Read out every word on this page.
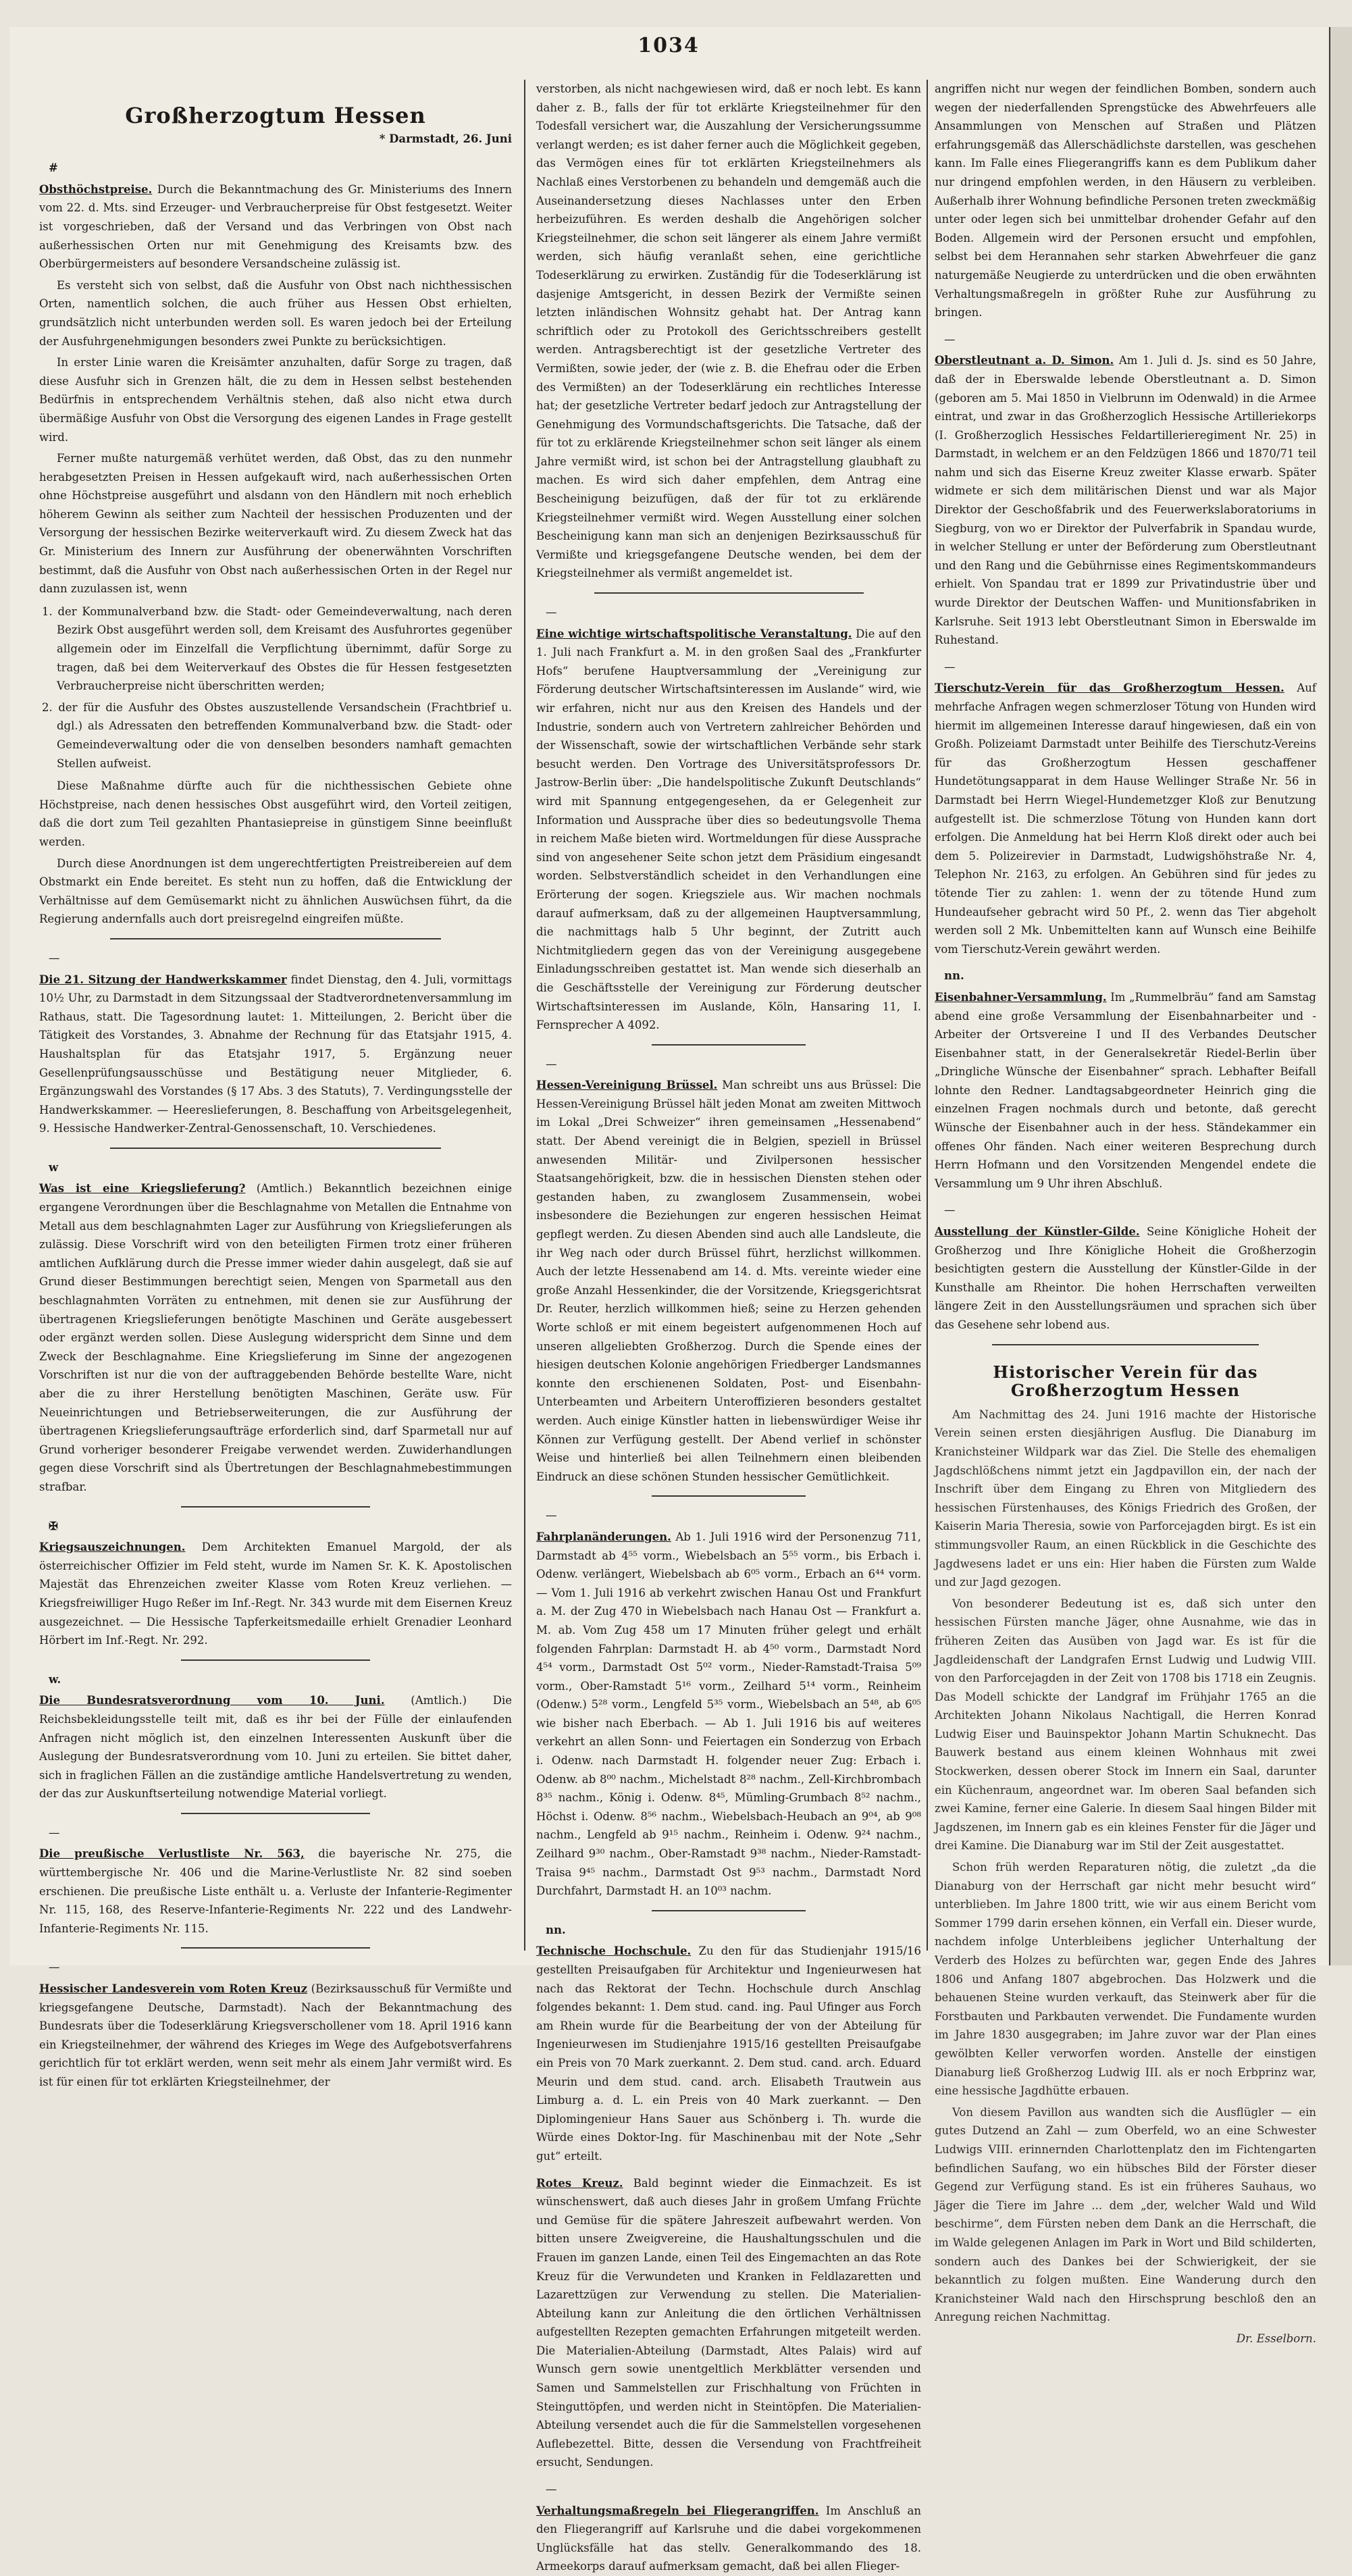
1034
Großherzogtum Hessen
* Darmstadt, 26. Juni

#

Obsthöchstpreise. Durch die Bekanntmachung des Gr. Ministeriums des Innern vom 22. d. Mts. sind Erzeuger- und Verbraucherpreise für Obst festgesetzt. Weiter ist vorgeschrieben, daß der Versand und das Verbringen von Obst nach außerhessischen Orten nur mit Genehmigung des Kreisamts bzw. des Oberbürgermeisters auf besondere Versandscheine zulässig ist.

Es versteht sich von selbst, daß die Ausfuhr von Obst nach nichthessischen Orten, namentlich solchen, die auch früher aus Hessen Obst erhielten, grundsätzlich nicht unterbunden werden soll. Es waren jedoch bei der Erteilung der Ausfuhrgenehmigungen besonders zwei Punkte zu berücksichtigen.

In erster Linie waren die Kreisämter anzuhalten, dafür Sorge zu tragen, daß diese Ausfuhr sich in Grenzen hält, die zu dem in Hessen selbst bestehenden Bedürfnis in entsprechendem Verhältnis stehen, daß also nicht etwa durch übermäßige Ausfuhr von Obst die Versorgung des eigenen Landes in Frage gestellt wird.

Ferner mußte naturgemäß verhütet werden, daß Obst, das zu den nunmehr herabgesetzten Preisen in Hessen aufgekauft wird, nach außerhessischen Orten ohne Höchstpreise ausgeführt und alsdann von den Händlern mit noch erheblich höherem Gewinn als seither zum Nachteil der hessischen Produzenten und der Versorgung der hessischen Bezirke weiterverkauft wird. Zu diesem Zweck hat das Gr. Ministerium des Innern zur Ausführung der obenerwähnten Vorschriften bestimmt, daß die Ausfuhr von Obst nach außerhessischen Orten in der Regel nur dann zuzulassen ist, wenn

1. der Kommunalverband bzw. die Stadt- oder Gemeindeverwaltung, nach deren Bezirk Obst ausgeführt werden soll, dem Kreisamt des Ausfuhrortes gegenüber allgemein oder im Einzelfall die Verpflichtung übernimmt, dafür Sorge zu tragen, daß bei dem Weiterverkauf des Obstes die für Hessen festgesetzten Verbraucherpreise nicht überschritten werden;
2. der für die Ausfuhr des Obstes auszustellende Versandschein (Frachtbrief u. dgl.) als Adressaten den betreffenden Kommunalverband bzw. die Stadt- oder Gemeindeverwaltung oder die von denselben besonders namhaft gemachten Stellen aufweist.

Diese Maßnahme dürfte auch für die nichthessischen Gebiete ohne Höchstpreise, nach denen hessisches Obst ausgeführt wird, den Vorteil zeitigen, daß die dort zum Teil gezahlten Phantasiepreise in günstigem Sinne beeinflußt werden.

Durch diese Anordnungen ist dem ungerechtfertigten Preistreibereien auf dem Obstmarkt ein Ende bereitet. Es steht nun zu hoffen, daß die Entwicklung der Verhältnisse auf dem Gemüsemarkt nicht zu ähnlichen Auswüchsen führt, da die Regierung andernfalls auch dort preisregelnd eingreifen müßte.

—

Die 21. Sitzung der Handwerkskammer findet Dienstag, den 4. Juli, vormittags 10½ Uhr, zu Darmstadt in dem Sitzungssaal der Stadtverordnetenversammlung im Rathaus, statt. Die Tagesordnung lautet: 1. Mitteilungen, 2. Bericht über die Tätigkeit des Vorstandes, 3. Abnahme der Rechnung für das Etatsjahr 1915, 4. Haushaltsplan für das Etatsjahr 1917, 5. Ergänzung neuer Gesellenprüfungsausschüsse und Bestätigung neuer Mitglieder, 6. Ergänzungswahl des Vorstandes (§ 17 Abs. 3 des Statuts), 7. Verdingungsstelle der Handwerkskammer. — Heereslieferungen, 8. Beschaffung von Arbeitsgelegenheit, 9. Hessische Handwerker-Zentral-Genossenschaft, 10. Verschiedenes.

w

Was ist eine Kriegslieferung? (Amtlich.) Bekanntlich bezeichnen einige ergangene Verordnungen über die Beschlagnahme von Metallen die Entnahme von Metall aus dem beschlagnahmten Lager zur Ausführung von Kriegslieferungen als zulässig. Diese Vorschrift wird von den beteiligten Firmen trotz einer früheren amtlichen Aufklärung durch die Presse immer wieder dahin ausgelegt, daß sie auf Grund dieser Bestimmungen berechtigt seien, Mengen von Sparmetall aus den beschlagnahmten Vorräten zu entnehmen, mit denen sie zur Ausführung der übertragenen Kriegslieferungen benötigte Maschinen und Geräte ausgebessert oder ergänzt werden sollen. Diese Auslegung widerspricht dem Sinne und dem Zweck der Beschlagnahme. Eine Kriegslieferung im Sinne der angezogenen Vorschriften ist nur die von der auftraggebenden Behörde bestellte Ware, nicht aber die zu ihrer Herstellung benötigten Maschinen, Geräte usw. Für Neueinrichtungen und Betriebserweiterungen, die zur Ausführung der übertragenen Kriegslieferungsaufträge erforderlich sind, darf Sparmetall nur auf Grund vorheriger besonderer Freigabe verwendet werden. Zuwiderhandlungen gegen diese Vorschrift sind als Übertretungen der Beschlagnahmebestimmungen strafbar.

✠

Kriegsauszeichnungen. Dem Architekten Emanuel Margold, der als österreichischer Offizier im Feld steht, wurde im Namen Sr. K. K. Apostolischen Majestät das Ehrenzeichen zweiter Klasse vom Roten Kreuz verliehen. — Kriegsfreiwilliger Hugo Reßer im Inf.-Regt. Nr. 343 wurde mit dem Eisernen Kreuz ausgezeichnet. — Die Hessische Tapferkeitsmedaille erhielt Grenadier Leonhard Hörbert im Inf.-Regt. Nr. 292.

w.

Die Bundesratsverordnung vom 10. Juni. (Amtlich.) Die Reichsbekleidungsstelle teilt mit, daß es ihr bei der Fülle der einlaufenden Anfragen nicht möglich ist, den einzelnen Interessenten Auskunft über die Auslegung der Bundesratsverordnung vom 10. Juni zu erteilen. Sie bittet daher, sich in fraglichen Fällen an die zuständige amtliche Handelsvertretung zu wenden, der das zur Auskunftserteilung notwendige Material vorliegt.

—

Die preußische Verlustliste Nr. 563, die bayerische Nr. 275, die württembergische Nr. 406 und die Marine-Verlustliste Nr. 82 sind soeben erschienen. Die preußische Liste enthält u. a. Verluste der Infanterie-Regimenter Nr. 115, 168, des Reserve-Infanterie-Regiments Nr. 222 und des Landwehr-Infanterie-Regiments Nr. 115.

—

Hessischer Landesverein vom Roten Kreuz (Bezirksausschuß für Vermißte und kriegsgefangene Deutsche, Darmstadt). Nach der Bekanntmachung des Bundesrats über die Todeserklärung Kriegsverschollener vom 18. April 1916 kann ein Kriegsteilnehmer, der während des Krieges im Wege des Aufgebotsverfahrens gerichtlich für tot erklärt werden, wenn seit mehr als einem Jahr vermißt wird. Es ist für einen für tot erklärten Kriegsteilnehmer, der

verstorben, als nicht nachgewiesen wird, daß er noch lebt. Es kann daher z. B., falls der für tot erklärte Kriegsteilnehmer für den Todesfall versichert war, die Auszahlung der Versicherungssumme verlangt werden; es ist daher ferner auch die Möglichkeit gegeben, das Vermögen eines für tot erklärten Kriegsteilnehmers als Nachlaß eines Verstorbenen zu behandeln und demgemäß auch die Auseinandersetzung dieses Nachlasses unter den Erben herbeizuführen. Es werden deshalb die Angehörigen solcher Kriegsteilnehmer, die schon seit längerer als einem Jahre vermißt werden, sich häufig veranlaßt sehen, eine gerichtliche Todeserklärung zu erwirken. Zuständig für die Todeserklärung ist dasjenige Amtsgericht, in dessen Bezirk der Vermißte seinen letzten inländischen Wohnsitz gehabt hat. Der Antrag kann schriftlich oder zu Protokoll des Gerichtsschreibers gestellt werden. Antragsberechtigt ist der gesetzliche Vertreter des Vermißten, sowie jeder, der (wie z. B. die Ehefrau oder die Erben des Vermißten) an der Todeserklärung ein rechtliches Interesse hat; der gesetzliche Vertreter bedarf jedoch zur Antragstellung der Genehmigung des Vormundschaftsgerichts. Die Tatsache, daß der für tot zu erklärende Kriegsteilnehmer schon seit länger als einem Jahre vermißt wird, ist schon bei der Antragstellung glaubhaft zu machen. Es wird sich daher empfehlen, dem Antrag eine Bescheinigung beizufügen, daß der für tot zu erklärende Kriegsteilnehmer vermißt wird. Wegen Ausstellung einer solchen Bescheinigung kann man sich an denjenigen Bezirksausschuß für Vermißte und kriegsgefangene Deutsche wenden, bei dem der Kriegsteilnehmer als vermißt angemeldet ist.

—

Eine wichtige wirtschaftspolitische Veranstaltung. Die auf den 1. Juli nach Frankfurt a. M. in den großen Saal des „Frankfurter Hofs“ berufene Hauptversammlung der „Vereinigung zur Förderung deutscher Wirtschaftsinteressen im Auslande“ wird, wie wir erfahren, nicht nur aus den Kreisen des Handels und der Industrie, sondern auch von Vertretern zahlreicher Behörden und der Wissenschaft, sowie der wirtschaftlichen Verbände sehr stark besucht werden. Den Vortrage des Universitätsprofessors Dr. Jastrow-Berlin über: „Die handelspolitische Zukunft Deutschlands“ wird mit Spannung entgegengesehen, da er Gelegenheit zur Information und Aussprache über dies so bedeutungsvolle Thema in reichem Maße bieten wird. Wortmeldungen für diese Aussprache sind von angesehener Seite schon jetzt dem Präsidium eingesandt worden. Selbstverständlich scheidet in den Verhandlungen eine Erörterung der sogen. Kriegsziele aus. Wir machen nochmals darauf aufmerksam, daß zu der allgemeinen Hauptversammlung, die nachmittags halb 5 Uhr beginnt, der Zutritt auch Nichtmitgliedern gegen das von der Vereinigung ausgegebene Einladungsschreiben gestattet ist. Man wende sich dieserhalb an die Geschäftsstelle der Vereinigung zur Förderung deutscher Wirtschaftsinteressen im Auslande, Köln, Hansaring 11, I. Fernsprecher A 4092.

—

Hessen-Vereinigung Brüssel. Man schreibt uns aus Brüssel: Die Hessen-Vereinigung Brüssel hält jeden Monat am zweiten Mittwoch im Lokal „Drei Schweizer“ ihren gemeinsamen „Hessenabend“ statt. Der Abend vereinigt die in Belgien, speziell in Brüssel anwesenden Militär- und Zivilpersonen hessischer Staatsangehörigkeit, bzw. die in hessischen Diensten stehen oder gestanden haben, zu zwanglosem Zusammensein, wobei insbesondere die Beziehungen zur engeren hessischen Heimat gepflegt werden. Zu diesen Abenden sind auch alle Landsleute, die ihr Weg nach oder durch Brüssel führt, herzlichst willkommen. Auch der letzte Hessenabend am 14. d. Mts. vereinte wieder eine große Anzahl Hessenkinder, die der Vorsitzende, Kriegsgerichtsrat Dr. Reuter, herzlich willkommen hieß; seine zu Herzen gehenden Worte schloß er mit einem begeistert aufgenommenen Hoch auf unseren allgeliebten Großherzog. Durch die Spende eines der hiesigen deutschen Kolonie angehörigen Friedberger Landsmannes konnte den erschienenen Soldaten, Post- und Eisenbahn-Unterbeamten und Arbeitern Unteroffizieren besonders gestaltet werden. Auch einige Künstler hatten in liebenswürdiger Weise ihr Können zur Verfügung gestellt. Der Abend verlief in schönster Weise und hinterließ bei allen Teilnehmern einen bleibenden Eindruck an diese schönen Stunden hessischer Gemütlichkeit.

—

Fahrplanänderungen. Ab 1. Juli 1916 wird der Personenzug 711, Darmstadt ab 4⁵⁵ vorm., Wiebelsbach an 5⁵⁵ vorm., bis Erbach i. Odenw. verlängert, Wiebelsbach ab 6⁰⁵ vorm., Erbach an 6⁴⁴ vorm. — Vom 1. Juli 1916 ab verkehrt zwischen Hanau Ost und Frankfurt a. M. der Zug 470 in Wiebelsbach nach Hanau Ost — Frankfurt a. M. ab. Vom Zug 458 um 17 Minuten früher gelegt und erhält folgenden Fahrplan: Darmstadt H. ab 4⁵⁰ vorm., Darmstadt Nord 4⁵⁴ vorm., Darmstadt Ost 5⁰² vorm., Nieder-Ramstadt-Traisa 5⁰⁹ vorm., Ober-Ramstadt 5¹⁶ vorm., Zeilhard 5¹⁴ vorm., Reinheim (Odenw.) 5²⁸ vorm., Lengfeld 5³⁵ vorm., Wiebelsbach an 5⁴⁸, ab 6⁰⁵ wie bisher nach Eberbach. — Ab 1. Juli 1916 bis auf weiteres verkehrt an allen Sonn- und Feiertagen ein Sonderzug von Erbach i. Odenw. nach Darmstadt H. folgender neuer Zug: Erbach i. Odenw. ab 8⁰⁰ nachm., Michelstadt 8²⁸ nachm., Zell-Kirchbrombach 8³⁵ nachm., König i. Odenw. 8⁴⁵, Mümling-Grumbach 8⁵² nachm., Höchst i. Odenw. 8⁵⁶ nachm., Wiebelsbach-Heubach an 9⁰⁴, ab 9⁰⁸ nachm., Lengfeld ab 9¹⁵ nachm., Reinheim i. Odenw. 9²⁴ nachm., Zeilhard 9³⁰ nachm., Ober-Ramstadt 9³⁸ nachm., Nieder-Ramstadt-Traisa 9⁴⁵ nachm., Darmstadt Ost 9⁵³ nachm., Darmstadt Nord Durchfahrt, Darmstadt H. an 10⁰³ nachm.

nn.

Technische Hochschule. Zu den für das Studienjahr 1915/16 gestellten Preisaufgaben für Architektur und Ingenieurwesen hat nach das Rektorat der Techn. Hochschule durch Anschlag folgendes bekannt: 1. Dem stud. cand. ing. Paul Ufinger aus Forch am Rhein wurde für die Bearbeitung der von der Abteilung für Ingenieurwesen im Studienjahre 1915/16 gestellten Preisaufgabe ein Preis von 70 Mark zuerkannt. 2. Dem stud. cand. arch. Eduard Meurin und dem stud. cand. arch. Elisabeth Trautwein aus Limburg a. d. L. ein Preis von 40 Mark zuerkannt. — Den Diplomingenieur Hans Sauer aus Schönberg i. Th. wurde die Würde eines Doktor-Ing. für Maschinenbau mit der Note „Sehr gut“ erteilt.

Rotes Kreuz. Bald beginnt wieder die Einmachzeit. Es ist wünschenswert, daß auch dieses Jahr in großem Umfang Früchte und Gemüse für die spätere Jahreszeit aufbewahrt werden. Von bitten unsere Zweigvereine, die Haushaltungsschulen und die Frauen im ganzen Lande, einen Teil des Eingemachten an das Rote Kreuz für die Verwundeten und Kranken in Feldlazaretten und Lazarettzügen zur Verwendung zu stellen. Die Materialien-Abteilung kann zur Anleitung die den örtlichen Verhältnissen aufgestellten Rezepten gemachten Erfahrungen mitgeteilt werden. Die Materialien-Abteilung (Darmstadt, Altes Palais) wird auf Wunsch gern sowie unentgeltlich Merkblätter versenden und Samen und Sammelstellen zur Frischhaltung von Früchten in Steinguttöpfen, und werden nicht in Steintöpfen. Die Materialien-Abteilung versendet auch die für die Sammelstellen vorgesehenen Auflebezettel. Bitte, dessen die Versendung von Frachtfreiheit ersucht, Sendungen.

—

Verhaltungsmaßregeln bei Fliegerangriffen. Im Anschluß an den Fliegerangriff auf Karlsruhe und die dabei vorgekommenen Unglücksfälle hat das stellv. Generalkommando des 18. Armeekorps darauf aufmerksam gemacht, daß bei allen Flieger-

angriffen nicht nur wegen der feindlichen Bomben, sondern auch wegen der niederfallenden Sprengstücke des Abwehrfeuers alle Ansammlungen von Menschen auf Straßen und Plätzen erfahrungsgemäß das Allerschädlichste darstellen, was geschehen kann. Im Falle eines Fliegerangriffs kann es dem Publikum daher nur dringend empfohlen werden, in den Häusern zu verbleiben. Außerhalb ihrer Wohnung befindliche Personen treten zweckmäßig unter oder legen sich bei unmittelbar drohender Gefahr auf den Boden. Allgemein wird der Personen ersucht und empfohlen, selbst bei dem Herannahen sehr starken Abwehrfeuer die ganz naturgemäße Neugierde zu unterdrücken und die oben erwähnten Verhaltungsmaßregeln in größter Ruhe zur Ausführung zu bringen.

—

Oberstleutnant a. D. Simon. Am 1. Juli d. Js. sind es 50 Jahre, daß der in Eberswalde lebende Oberstleutnant a. D. Simon (geboren am 5. Mai 1850 in Vielbrunn im Odenwald) in die Armee eintrat, und zwar in das Großherzoglich Hessische Artilleriekorps (I. Großherzoglich Hessisches Feldartillerieregiment Nr. 25) in Darmstadt, in welchem er an den Feldzügen 1866 und 1870/71 teil nahm und sich das Eiserne Kreuz zweiter Klasse erwarb. Später widmete er sich dem militärischen Dienst und war als Major Direktor der Geschoßfabrik und des Feuerwerkslaboratoriums in Siegburg, von wo er Direktor der Pulverfabrik in Spandau wurde, in welcher Stellung er unter der Beförderung zum Oberstleutnant und den Rang und die Gebührnisse eines Regimentskommandeurs erhielt. Von Spandau trat er 1899 zur Privatindustrie über und wurde Direktor der Deutschen Waffen- und Munitionsfabriken in Karlsruhe. Seit 1913 lebt Oberstleutnant Simon in Eberswalde im Ruhestand.

—

Tierschutz-Verein für das Großherzogtum Hessen. Auf mehrfache Anfragen wegen schmerzloser Tötung von Hunden wird hiermit im allgemeinen Interesse darauf hingewiesen, daß ein von Großh. Polizeiamt Darmstadt unter Beihilfe des Tierschutz-Vereins für das Großherzogtum Hessen geschaffener Hundetötungsapparat in dem Hause Wellinger Straße Nr. 56 in Darmstadt bei Herrn Wiegel-Hundemetzger Kloß zur Benutzung aufgestellt ist. Die schmerzlose Tötung von Hunden kann dort erfolgen. Die Anmeldung hat bei Herrn Kloß direkt oder auch bei dem 5. Polizeirevier in Darmstadt, Ludwigshöhstraße Nr. 4, Telephon Nr. 2163, zu erfolgen. An Gebühren sind für jedes zu tötende Tier zu zahlen: 1. wenn der zu tötende Hund zum Hundeaufseher gebracht wird 50 Pf., 2. wenn das Tier abgeholt werden soll 2 Mk. Unbemittelten kann auf Wunsch eine Beihilfe vom Tierschutz-Verein gewährt werden.

nn.

Eisenbahner-Versammlung. Im „Rummelbräu“ fand am Samstag abend eine große Versammlung der Eisenbahnarbeiter und -Arbeiter der Ortsvereine I und II des Verbandes Deutscher Eisenbahner statt, in der Generalsekretär Riedel-Berlin über „Dringliche Wünsche der Eisenbahner“ sprach. Lebhafter Beifall lohnte den Redner. Landtagsabgeordneter Heinrich ging die einzelnen Fragen nochmals durch und betonte, daß gerecht Wünsche der Eisenbahner auch in der hess. Ständekammer ein offenes Ohr fänden. Nach einer weiteren Besprechung durch Herrn Hofmann und den Vorsitzenden Mengendel endete die Versammlung um 9 Uhr ihren Abschluß.

—

Ausstellung der Künstler-Gilde. Seine Königliche Hoheit der Großherzog und Ihre Königliche Hoheit die Großherzogin besichtigten gestern die Ausstellung der Künstler-Gilde in der Kunsthalle am Rheintor. Die hohen Herrschaften verweilten längere Zeit in den Ausstellungsräumen und sprachen sich über das Gesehene sehr lobend aus.

Historischer Verein für das Großherzogtum Hessen

Am Nachmittag des 24. Juni 1916 machte der Historische Verein seinen ersten diesjährigen Ausflug. Die Dianaburg im Kranichsteiner Wildpark war das Ziel. Die Stelle des ehemaligen Jagdschlößchens nimmt jetzt ein Jagdpavillon ein, der nach der Inschrift über dem Eingang zu Ehren von Mitgliedern des hessischen Fürstenhauses, des Königs Friedrich des Großen, der Kaiserin Maria Theresia, sowie von Parforcejagden birgt. Es ist ein stimmungsvoller Raum, an einen Rückblick in die Geschichte des Jagdwesens ladet er uns ein: Hier haben die Fürsten zum Walde und zur Jagd gezogen.

Von besonderer Bedeutung ist es, daß sich unter den hessischen Fürsten manche Jäger, ohne Ausnahme, wie das in früheren Zeiten das Ausüben von Jagd war. Es ist für die Jagdleidenschaft der Landgrafen Ernst Ludwig und Ludwig VIII. von den Parforcejagden in der Zeit von 1708 bis 1718 ein Zeugnis. Das Modell schickte der Landgraf im Frühjahr 1765 an die Architekten Johann Nikolaus Nachtigall, die Herren Konrad Ludwig Eiser und Bauinspektor Johann Martin Schuknecht. Das Bauwerk bestand aus einem kleinen Wohnhaus mit zwei Stockwerken, dessen oberer Stock im Innern ein Saal, darunter ein Küchenraum, angeordnet war. Im oberen Saal befanden sich zwei Kamine, ferner eine Galerie. In diesem Saal hingen Bilder mit Jagdszenen, im Innern gab es ein kleines Fenster für die Jäger und drei Kamine. Die Dianaburg war im Stil der Zeit ausgestattet.

Schon früh werden Reparaturen nötig, die zuletzt „da die Dianaburg von der Herrschaft gar nicht mehr besucht wird“ unterblieben. Im Jahre 1800 tritt, wie wir aus einem Bericht vom Sommer 1799 darin ersehen können, ein Verfall ein. Dieser wurde, nachdem infolge Unterbleibens jeglicher Unterhaltung der Verderb des Holzes zu befürchten war, gegen Ende des Jahres 1806 und Anfang 1807 abgebrochen. Das Holzwerk und die behauenen Steine wurden verkauft, das Steinwerk aber für die Forstbauten und Parkbauten verwendet. Die Fundamente wurden im Jahre 1830 ausgegraben; im Jahre zuvor war der Plan eines gewölbten Keller verworfen worden. Anstelle der einstigen Dianaburg ließ Großherzog Ludwig III. als er noch Erbprinz war, eine hessische Jagdhütte erbauen.

Von diesem Pavillon aus wandten sich die Ausflügler — ein gutes Dutzend an Zahl — zum Oberfeld, wo an eine Schwester Ludwigs VIII. erinnernden Charlottenplatz den im Fichtengarten befindlichen Saufang, wo ein hübsches Bild der Förster dieser Gegend zur Verfügung stand. Es ist ein früheres Sauhaus, wo Jäger die Tiere im Jahre ... dem „der, welcher Wald und Wild beschirme“, dem Fürsten neben dem Dank an die Herrschaft, die im Walde gelegenen Anlagen im Park in Wort und Bild schilderten, sondern auch des Dankes bei der Schwierigkeit, der sie bekanntlich zu folgen mußten. Eine Wanderung durch den Kranichsteiner Wald nach den Hirschsprung beschloß den an Anregung reichen Nachmittag.

Dr. Esselborn.
